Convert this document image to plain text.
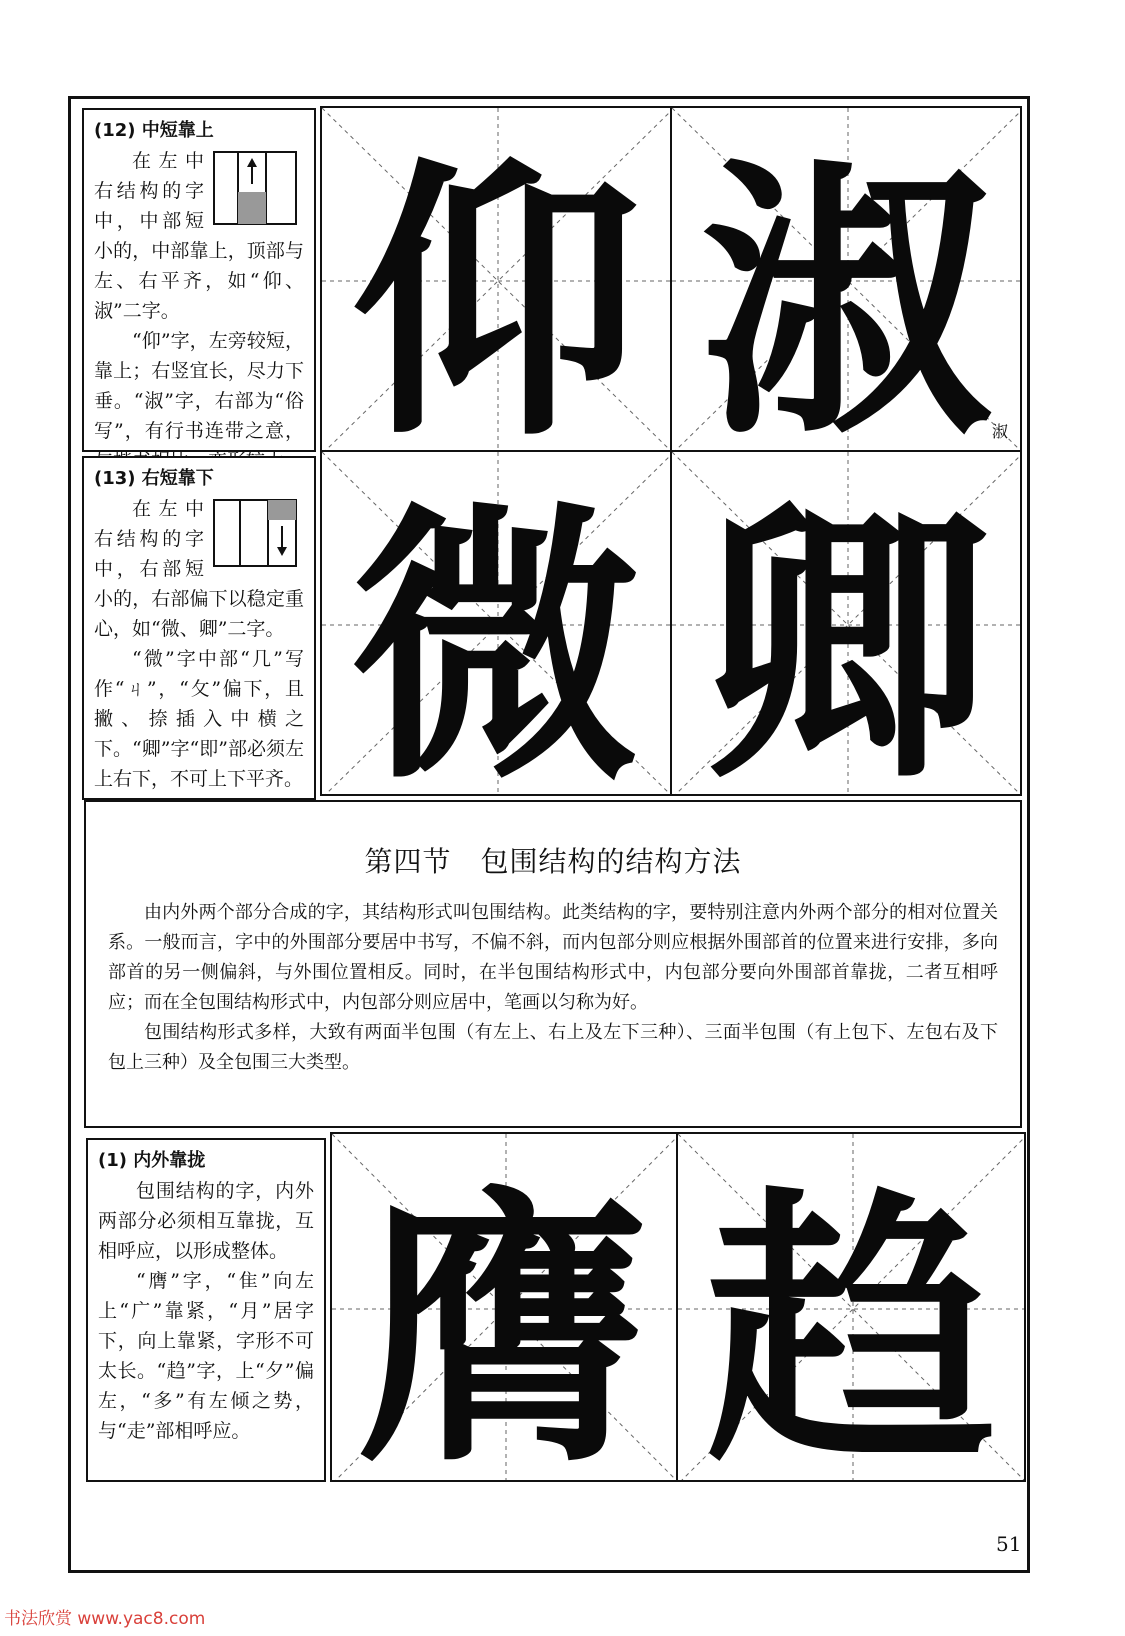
(12) 中短靠上

在左中右结构的字中，中部短小的，中部靠上，顶部与左、右平齐，如“仰、淑”二字。

“仰”字，左旁较短，靠上；右竖宜长，尽力下垂。“淑”字，右部为“俗写”，有行书连带之意，

(13) 右短靠下

在左中右结构的字中，右部短小的，右部偏下以稳定重心，如“微、卿”二字。

“微”字中部“几”写作“ㄐ”，“攵”偏下，且撇、捺插入中横之下。“卿”字“即”部必须左上右下，不可上下平齐。

仰 淑 淑
微 卿
第四节　包围结构的结构方法

由内外两个部分合成的字，其结构形式叫包围结构。此类结构的字，要特别注意内外两个部分的相对位置关系。一般而言，字中的外围部分要居中书写，不偏不斜，而内包部分则应根据外围部首的位置来进行安排，多向部首的另一侧偏斜，与外围位置相反。同时，在半包围结构形式中，内包部分要向外围部首靠拢，二者互相呼应；而在全包围结构形式中，内包部分则应居中，笔画以匀称为好。

包围结构形式多样，大致有两面半包围（有左上、右上及左下三种）、三面半包围（有上包下、左包右及下包上三种）及全包围三大类型。

(1) 内外靠拢

包围结构的字，内外两部分必须相互靠拢，互相呼应，以形成整体。

“膺”字，“隹”向左上“广”靠紧，“月”居字下，向上靠紧，字形不可太长。“趋”字，上“夕”偏左，“多”有左倾之势，与“走”部相呼应。 膺 趋
51
书法欣赏 www.yac8.com
